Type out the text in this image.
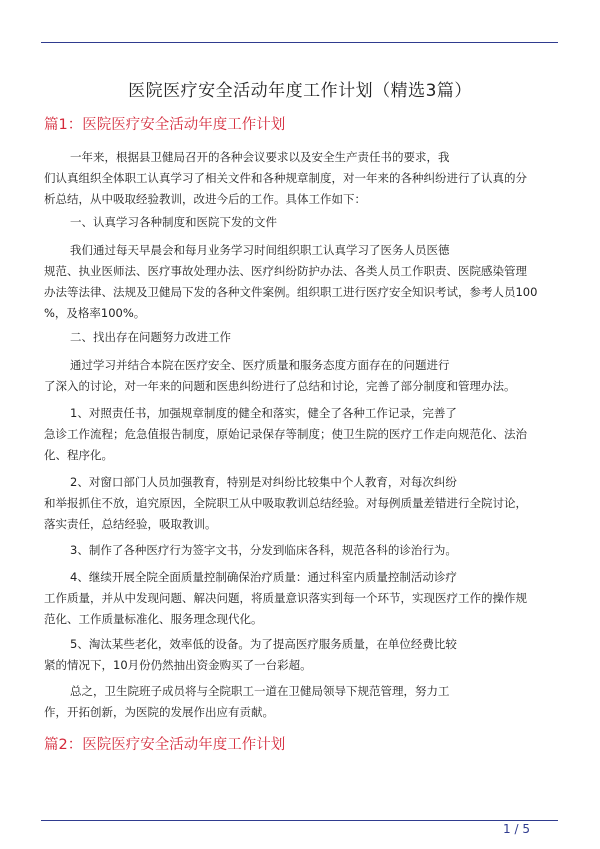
医院医疗安全活动年度工作计划（精选3篇）
篇1：医院医疗安全活动年度工作计划
一年来，根据县卫健局召开的各种会议要求以及安全生产责任书的要求，我
们认真组织全体职工认真学习了相关文件和各种规章制度，对一年来的各种纠纷进行了认真的分
析总结，从中吸取经验教训，改进今后的工作。具体工作如下：
一、认真学习各种制度和医院下发的文件
我们通过每天早晨会和每月业务学习时间组织职工认真学习了医务人员医德
规范、执业医师法、医疗事故处理办法、医疗纠纷防护办法、各类人员工作职责、医院感染管理
办法等法律、法规及卫健局下发的各种文件案例。组织职工进行医疗安全知识考试，参考人员100
%，及格率100%。
二、找出存在问题努力改进工作
通过学习并结合本院在医疗安全、医疗质量和服务态度方面存在的问题进行
了深入的讨论，对一年来的问题和医患纠纷进行了总结和讨论，完善了部分制度和管理办法。
1、对照责任书，加强规章制度的健全和落实，健全了各种工作记录，完善了
急诊工作流程；危急值报告制度，原始记录保存等制度；使卫生院的医疗工作走向规范化、法治
化、程序化。
2、对窗口部门人员加强教育，特别是对纠纷比较集中个人教育，对每次纠纷
和举报抓住不放，追究原因，全院职工从中吸取教训总结经验。对每例质量差错进行全院讨论，
落实责任，总结经验，吸取教训。
3、制作了各种医疗行为签字文书，分发到临床各科，规范各科的诊治行为。
4、继续开展全院全面质量控制确保治疗质量：通过科室内质量控制活动诊疗
工作质量，并从中发现问题、解决问题，将质量意识落实到每一个环节，实现医疗工作的操作规
范化、工作质量标准化、服务理念现代化。
5、淘汰某些老化，效率低的设备。为了提高医疗服务质量，在单位经费比较
紧的情况下，10月份仍然抽出资金购买了一台彩超。
总之，卫生院班子成员将与全院职工一道在卫健局领导下规范管理，努力工
作，开拓创新，为医院的发展作出应有贡献。
篇2：医院医疗安全活动年度工作计划
1 / 5
